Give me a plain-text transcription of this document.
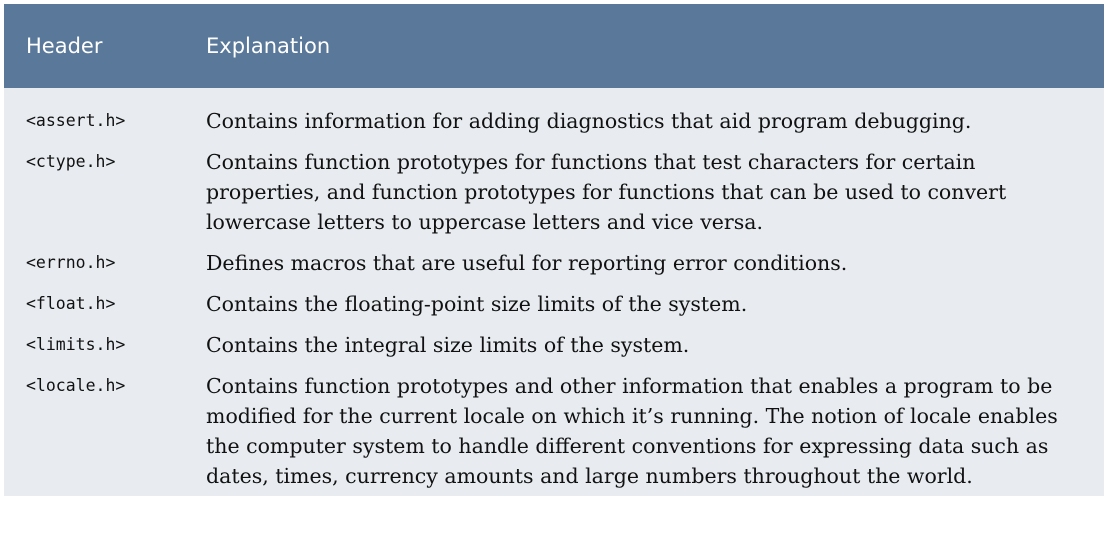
Header	Explanation
<assert.h>	Contains information for adding diagnostics that aid program debugging.
<ctype.h>	Contains function prototypes for functions that test characters for certain properties, and function prototypes for functions that can be used to convert lowercase letters to uppercase letters and vice versa.
<errno.h>	Defines macros that are useful for reporting error conditions.
<float.h>	Contains the floating-point size limits of the system.
<limits.h>	Contains the integral size limits of the system.
<locale.h>	Contains function prototypes and other information that enables a program to be modified for the current locale on which it’s running. The notion of locale enables the computer system to handle different conventions for expressing data such as dates, times, currency amounts and large numbers throughout the world.
